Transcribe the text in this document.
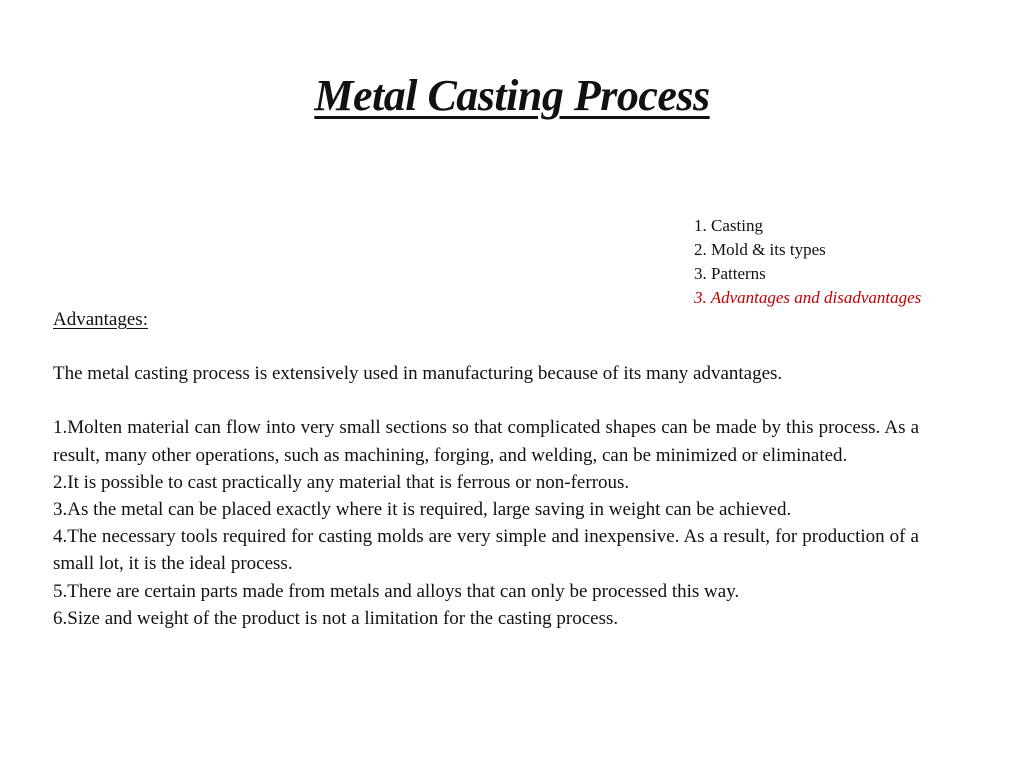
Metal Casting Process
1. Casting
2. Mold & its types
3. Patterns
3. Advantages and disadvantages

Advantages:

The metal casting process is extensively used in manufacturing because of its many advantages.

1.Molten material can flow into very small sections so that complicated shapes can be made by this process. As a result, many other operations, such as machining, forging, and welding, can be minimized or eliminated.

2.It is possible to cast practically any material that is ferrous or non-ferrous.

3.As the metal can be placed exactly where it is required, large saving in weight can be achieved.

4.The necessary tools required for casting molds are very simple and inexpensive. As a result, for production of a small lot, it is the ideal process.

5.There are certain parts made from metals and alloys that can only be processed this way.

6.Size and weight of the product is not a limitation for the casting process.
